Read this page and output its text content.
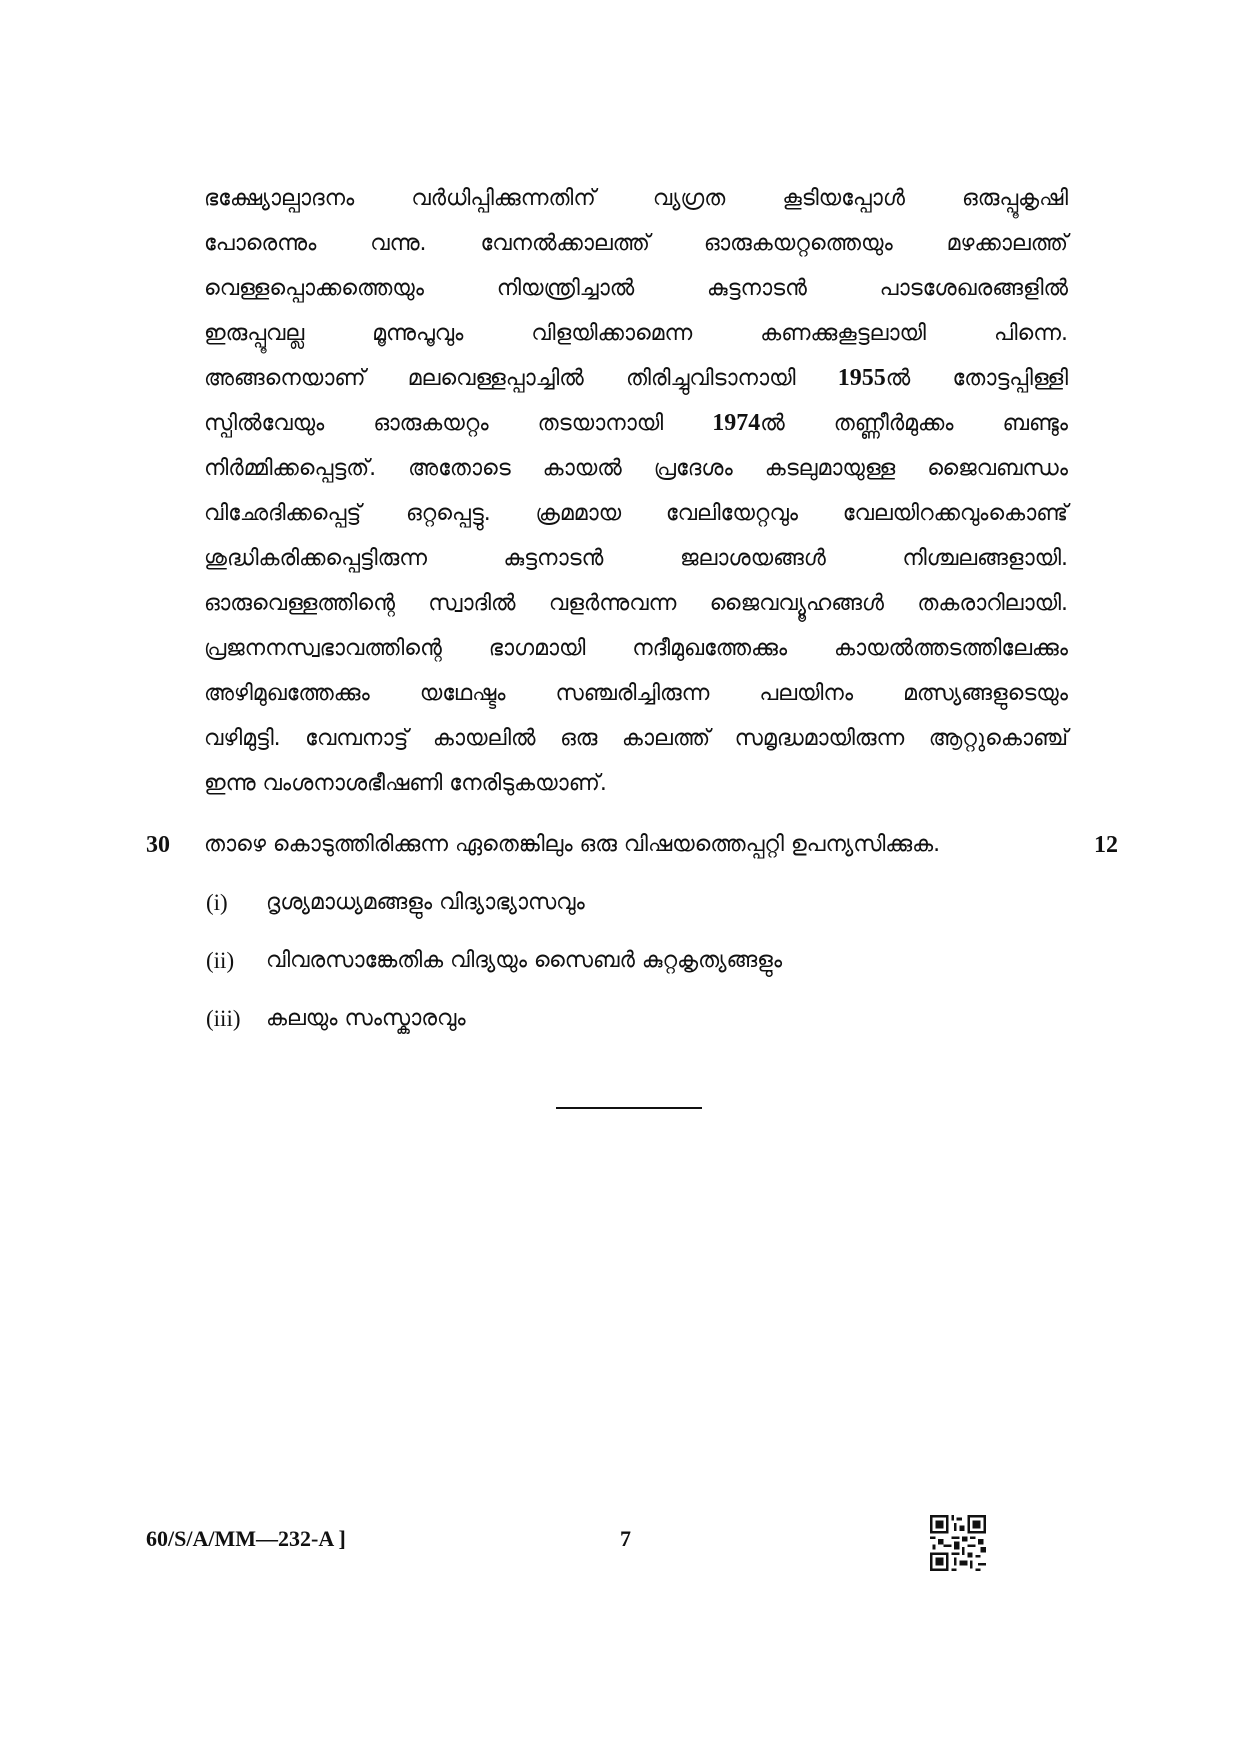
ഭക്ഷ്യോല്പാദനം വർധിപ്പിക്കുന്നതിന് വ്യഗ്രത കൂടിയപ്പോൾ ഒരുപ്പൂകൃഷി
പോരെന്നും വന്നു. വേനൽക്കാലത്ത് ഓരുകയറ്റത്തെയും മഴക്കാലത്ത്
വെള്ളപ്പൊക്കത്തെയും നിയന്ത്രിച്ചാൽ കുട്ടനാടൻ പാടശേഖരങ്ങളിൽ
ഇരുപ്പൂവല്ല മൂന്നുപൂവും വിളയിക്കാമെന്ന കണക്കുകൂട്ടലായി പിന്നെ.
അങ്ങനെയാണ് മലവെള്ളപ്പാച്ചിൽ തിരിച്ചുവിടാനായി 1955ൽ തോട്ടപ്പിള്ളി
സ്പിൽവേയും ഓരുകയറ്റം തടയാനായി 1974ൽ തണ്ണീർമുക്കം ബണ്ടും
നിർമ്മിക്കപ്പെട്ടത്. അതോടെ കായൽ പ്രദേശം കടലുമായുള്ള ജൈവബന്ധം
വിഛേദിക്കപ്പെട്ട് ഒറ്റപ്പെട്ടു. ക്രമമായ വേലിയേറ്റവും വേലയിറക്കവുംകൊണ്ട്
ശുദ്ധികരിക്കപ്പെട്ടിരുന്ന കുട്ടനാടൻ ജലാശയങ്ങൾ നിശ്ചലങ്ങളായി.
ഓരുവെള്ളത്തിന്റെ സ്വാദിൽ വളർന്നുവന്ന ജൈവവ്യൂഹങ്ങൾ തകരാറിലായി.
പ്രജനനസ്വഭാവത്തിന്റെ ഭാഗമായി നദീമുഖത്തേക്കും കായൽത്തടത്തിലേക്കും
അഴിമുഖത്തേക്കും യഥേഷ്ടം സഞ്ചരിച്ചിരുന്ന പലയിനം മത്സ്യങ്ങളുടെയും
വഴിമുട്ടി. വേമ്പനാട്ട് കായലിൽ ഒരു കാലത്ത് സമൃദ്ധമായിരുന്ന ആറ്റുകൊഞ്ച്
ഇന്നു വംശനാശഭീഷണി നേരിടുകയാണ്.
30 താഴെ കൊടുത്തിരിക്കുന്ന ഏതെങ്കിലും ഒരു വിഷയത്തെപ്പറ്റി ഉപന്യസിക്കുക.	12
(i) ദൃശ്യമാധ്യമങ്ങളും വിദ്യാഭ്യാസവും
(ii) വിവരസാങ്കേതിക വിദ്യയും സൈബർ കുറ്റകൃത്യങ്ങളും
(iii) കലയും സംസ്കാരവും
60/S/A/MM—232-A ]	7
